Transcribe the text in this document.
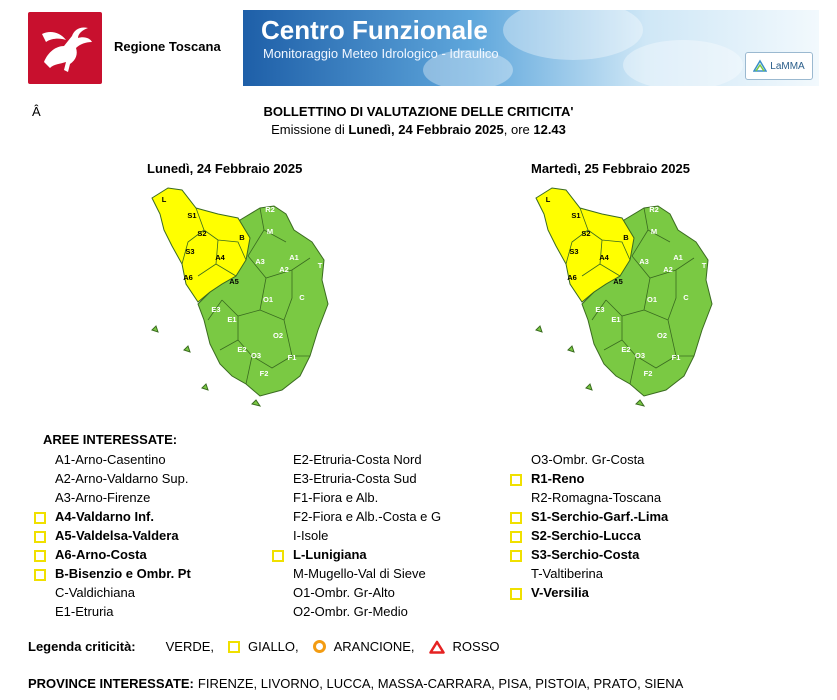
Regione Toscana
Centro Funzionale
Monitoraggio Meteo Idrologico - Idraulico
LaMMA
Â	BOLLETTINO DI VALUTAZIONE DELLE CRITICITA'
Emissione di Lunedì, 24 Febbraio 2025, ore 12.43
Lunedì, 24 Febbraio 2025	Martedì, 25 Febbraio 2025
L
S1
S2
S3
B
R2
M
A1
A2	T
A3
A4
A5
A6
E3
E1
O1	C
E2
O2
O3	F1
F2
I
L
S1
S2
S3
B
R2
M
A1
A2	T
A3
A4
A5
A6
E3
E1
O1	C
E2
O2
O3	F1
F2
I
AREE INTERESSATE:
A1-Arno-Casentino
A2-Arno-Valdarno Sup.
A3-Arno-Firenze
A4-Valdarno Inf.
A5-Valdelsa-Valdera
A6-Arno-Costa
B-Bisenzio e Ombr. Pt
C-Valdichiana
E1-Etruria
E2-Etruria-Costa Nord
E3-Etruria-Costa Sud
F1-Fiora e Alb.
F2-Fiora e Alb.-Costa e G
I-Isole
L-Lunigiana
M-Mugello-Val di Sieve
O1-Ombr. Gr-Alto
O2-Ombr. Gr-Medio
O3-Ombr. Gr-Costa
R1-Reno
R2-Romagna-Toscana
S1-Serchio-Garf.-Lima
S2-Serchio-Lucca
S3-Serchio-Costa
T-Valtiberina
V-Versilia
Legenda criticità: VERDE,	GIALLO,	ARANCIONE,	ROSSO
PROVINCE INTERESSATE: FIRENZE, LIVORNO, LUCCA, MASSA-CARRARA, PISA, PISTOIA, PRATO, SIENA
